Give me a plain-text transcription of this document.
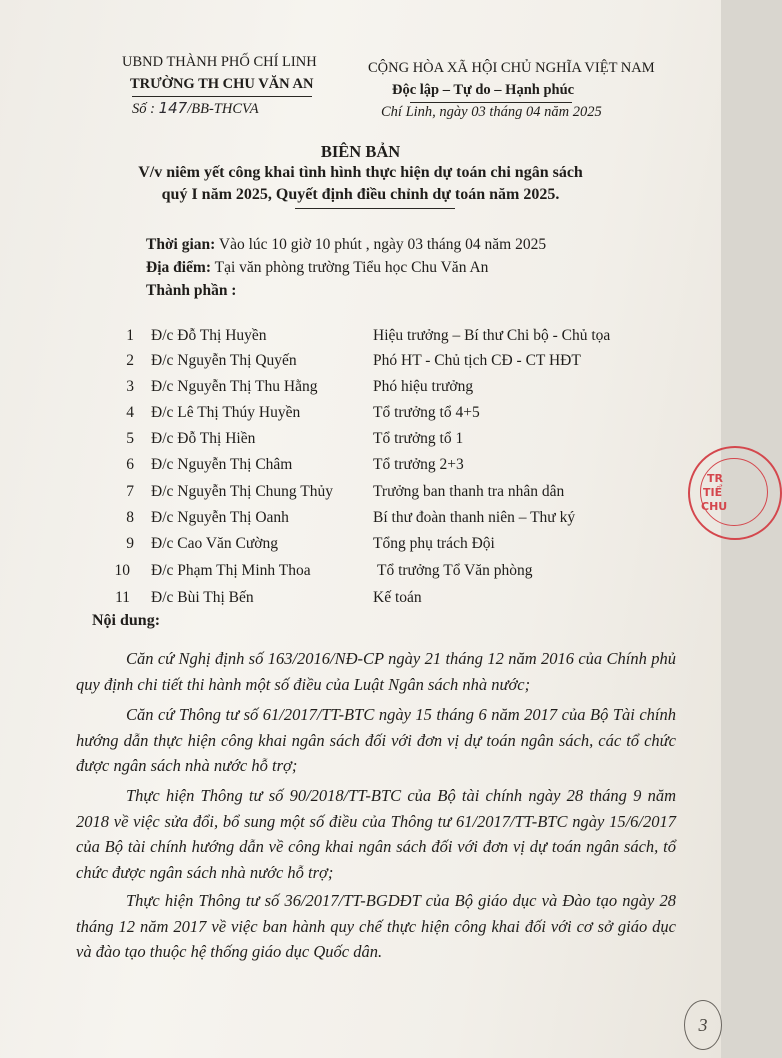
UBND THÀNH PHỐ CHÍ LINH
TRƯỜNG TH CHU VĂN AN
Số : 147/BB-THCVA
CỘNG HÒA XÃ HỘI CHỦ NGHĨA VIỆT NAM
Độc lập – Tự do – Hạnh phúc
Chí Linh, ngày 03 tháng 04 năm 2025
BIÊN BẢN
V/v niêm yết công khai tình hình thực hiện dự toán chi ngân sách
quý I năm 2025, Quyết định điều chỉnh dự toán năm 2025.
Thời gian: Vào lúc 10 giờ 10 phút , ngày 03 tháng 04 năm 2025
Địa điểm: Tại văn phòng trường Tiểu học Chu Văn An
Thành phần :
1 Đ/c Đỗ Thị Huyền	Hiệu trưởng – Bí thư Chi bộ - Chủ tọa
2 Đ/c Nguyễn Thị Quyến	Phó HT - Chủ tịch CĐ - CT HĐT
3 Đ/c Nguyễn Thị Thu Hằng	Phó hiệu trưởng
4 Đ/c Lê Thị Thúy Huyền	Tổ trưởng tổ 4+5
5 Đ/c Đỗ Thị Hiền	Tổ trưởng tổ 1
6 Đ/c Nguyễn Thị Châm	Tổ trưởng 2+3
7 Đ/c Nguyễn Thị Chung Thủy	Trưởng ban thanh tra nhân dân
8 Đ/c Nguyễn Thị Oanh	Bí thư đoàn thanh niên – Thư ký
9 Đ/c Cao Văn Cường	Tổng phụ trách Đội
10 Đ/c Phạm Thị Minh Thoa	Tổ trưởng Tổ Văn phòng
11 Đ/c Bùi Thị Bến	Kế toán
Nội dung:
Căn cứ Nghị định số 163/2016/NĐ-CP ngày 21 tháng 12 năm 2016 của Chính phủ quy định chi tiết thi hành một số điều của Luật Ngân sách nhà nước;
Căn cứ Thông tư số 61/2017/TT-BTC ngày 15 tháng 6 năm 2017 của Bộ Tài chính hướng dẫn thực hiện công khai ngân sách đối với đơn vị dự toán ngân sách, các tổ chức được ngân sách nhà nước hỗ trợ;
Thực hiện Thông tư số 90/2018/TT-BTC của Bộ tài chính ngày 28 tháng 9 năm 2018 về việc sửa đổi, bổ sung một số điều của Thông tư 61/2017/TT-BTC ngày 15/6/2017 của Bộ tài chính hướng dẫn về công khai ngân sách đối với đơn vị dự toán ngân sách, tổ chức được ngân sách nhà nước hỗ trợ;
Thực hiện Thông tư số 36/2017/TT-BGDĐT của Bộ giáo dục và Đào tạo ngày 28 tháng 12 năm 2017 về việc ban hành quy chế thực hiện công khai đối với cơ sở giáo dục và đào tạo thuộc hệ thống giáo dục Quốc dân.
TR
TIỂ
CHU
3
